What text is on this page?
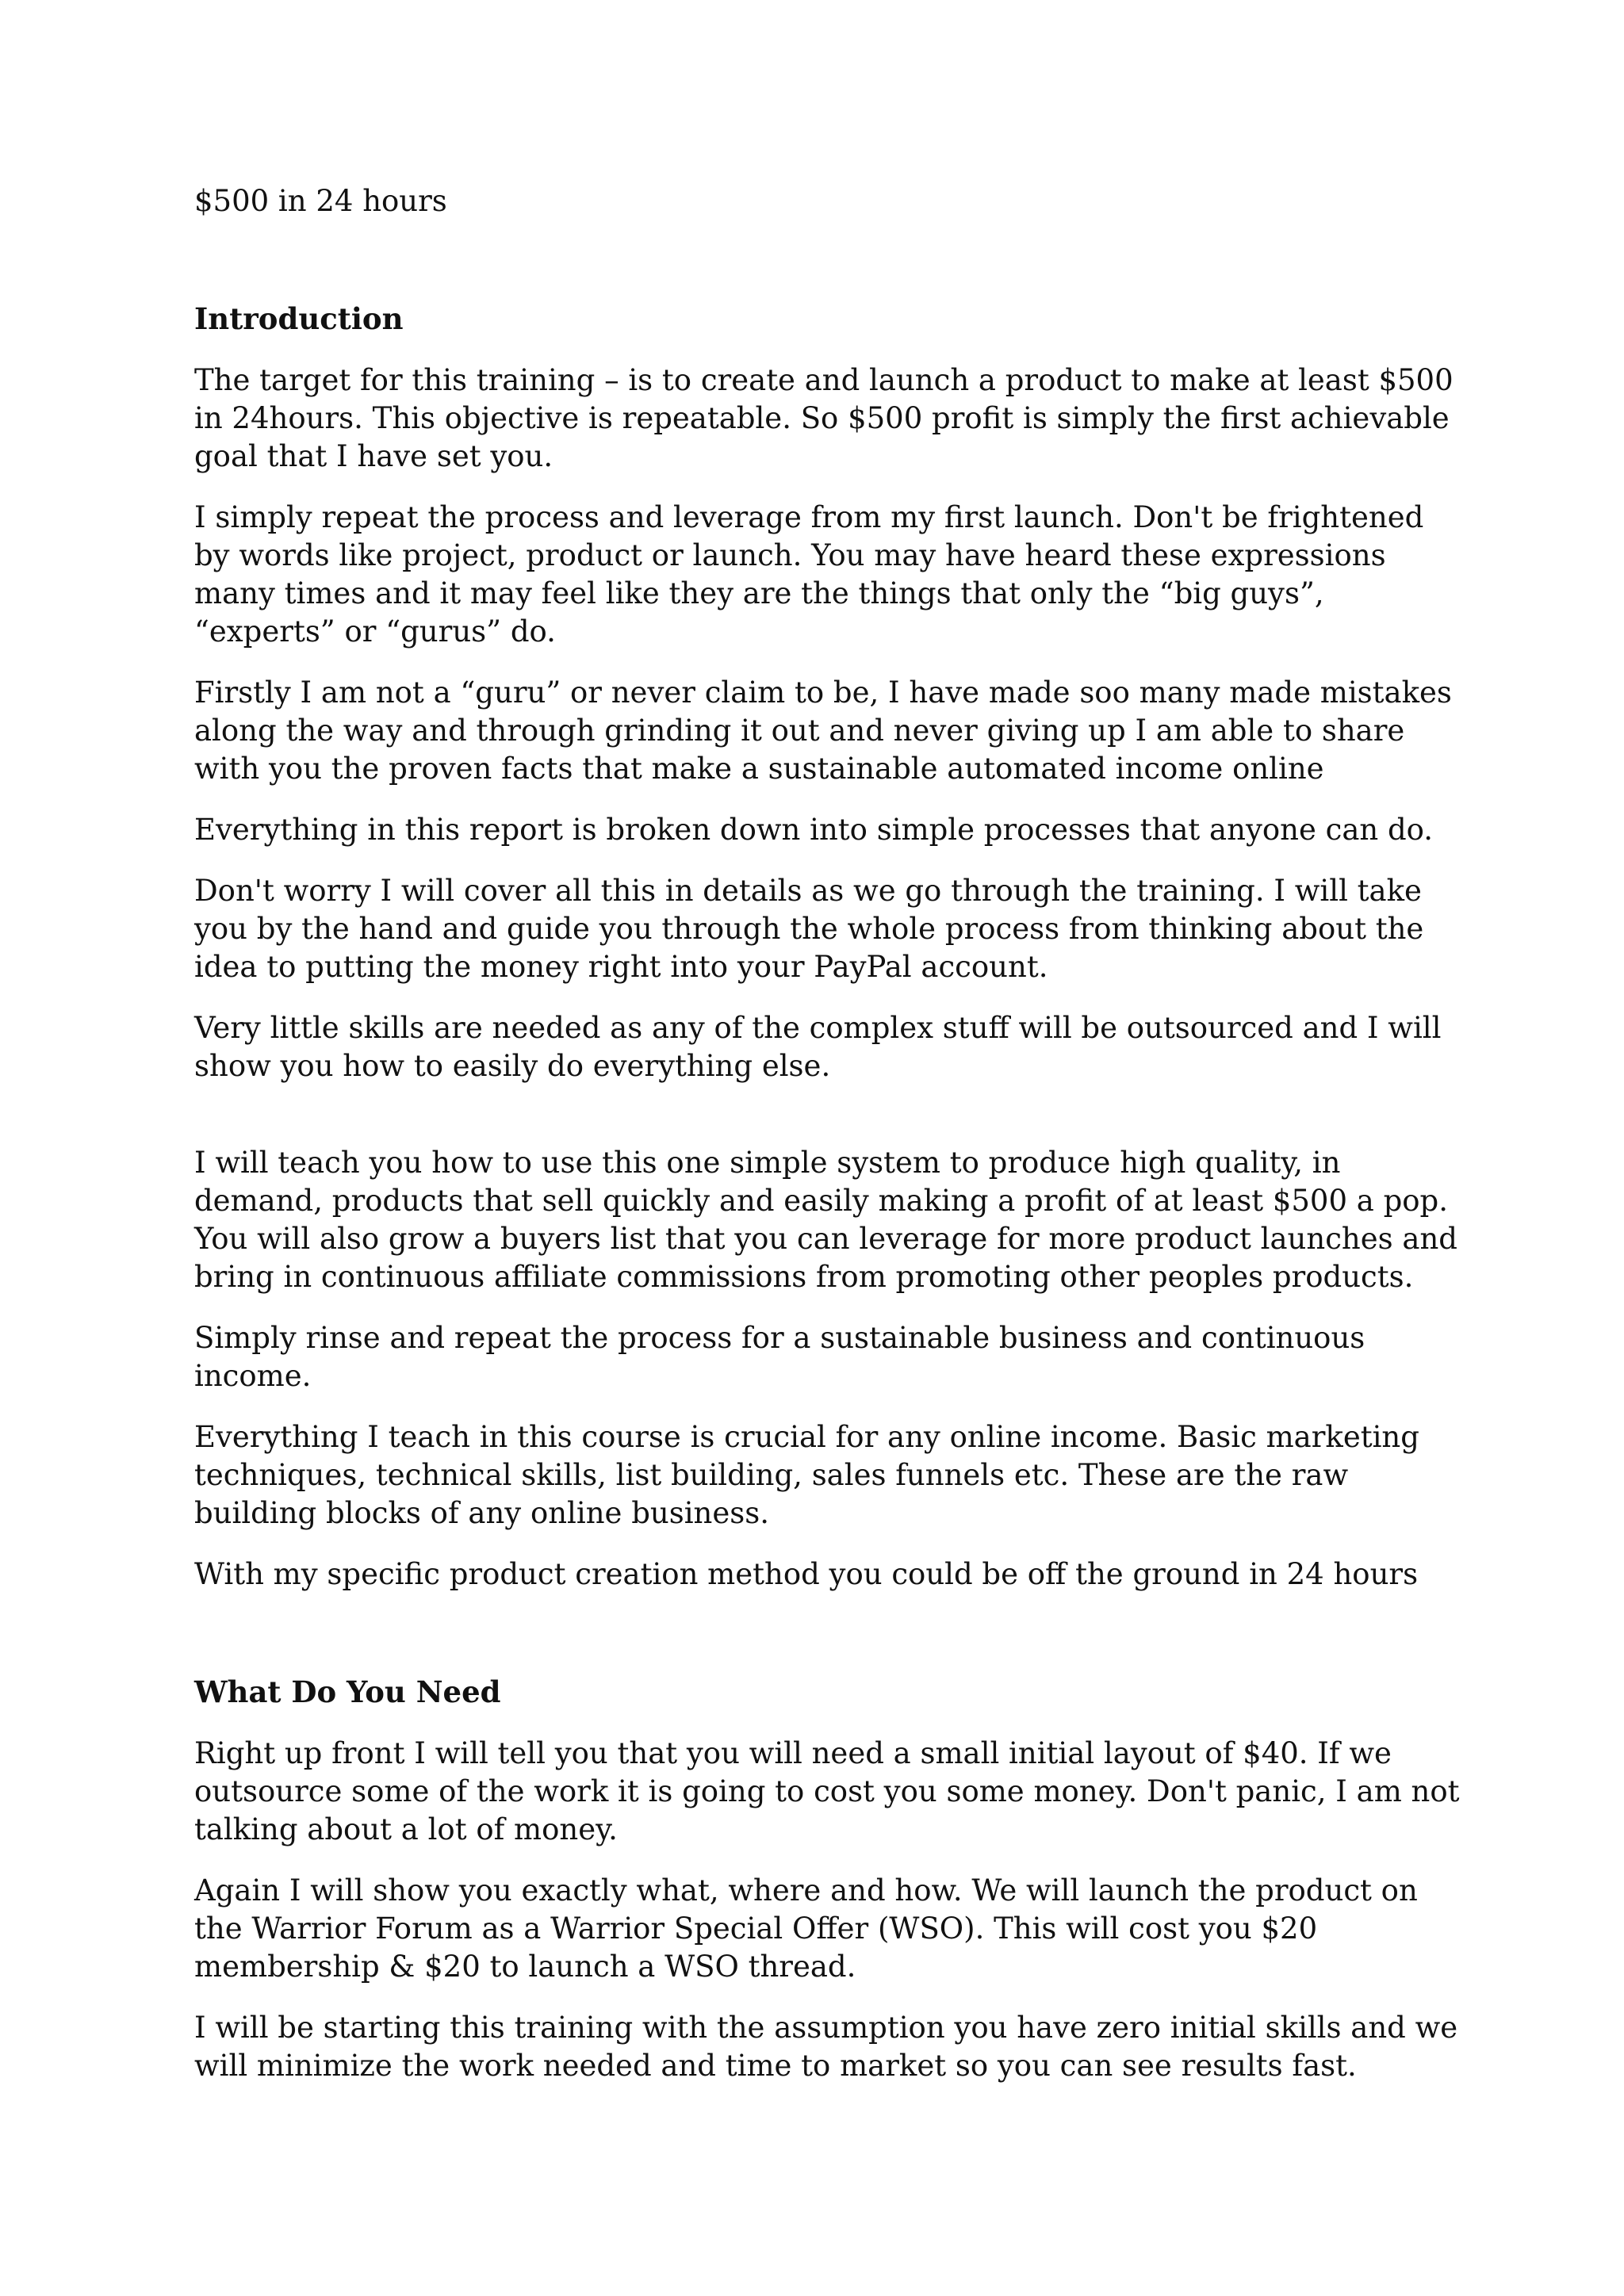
$500 in 24 hours
Introduction

The target for this training – is to create and launch a product to make at least $500 in 24hours. This objective is repeatable. So $500 profit is simply the first achievable goal that I have set you.

I simply repeat the process and leverage from my first launch. Don't be frightened by words like project, product or launch. You may have heard these expressions many times and it may feel like they are the things that only the “big guys”, “experts” or “gurus” do.

Firstly I am not a “guru” or never claim to be, I have made soo many made mistakes along the way and through grinding it out and never giving up I am able to share with you the proven facts that make a sustainable automated income online

Everything in this report is broken down into simple processes that anyone can do.

Don't worry I will cover all this in details as we go through the training. I will take you by the hand and guide you through the whole process from thinking about the idea to putting the money right into your PayPal account.

Very little skills are needed as any of the complex stuff will be outsourced and I will show you how to easily do everything else.

I will teach you how to use this one simple system to produce high quality, in demand, products that sell quickly and easily making a profit of at least $500 a pop. You will also grow a buyers list that you can leverage for more product launches and bring in continuous affiliate commissions from promoting other peoples products.

Simply rinse and repeat the process for a sustainable business and continuous income.

Everything I teach in this course is crucial for any online income. Basic marketing techniques, technical skills, list building, sales funnels etc. These are the raw building blocks of any online business.

With my specific product creation method you could be off the ground in 24 hours

What Do You Need

Right up front I will tell you that you will need a small initial layout of $40. If we outsource some of the work it is going to cost you some money. Don't panic, I am not talking about a lot of money.

Again I will show you exactly what, where and how. We will launch the product on the Warrior Forum as a Warrior Special Offer (WSO). This will cost you $20 membership & $20 to launch a WSO thread.

I will be starting this training with the assumption you have zero initial skills and we will minimize the work needed and time to market so you can see results fast.
